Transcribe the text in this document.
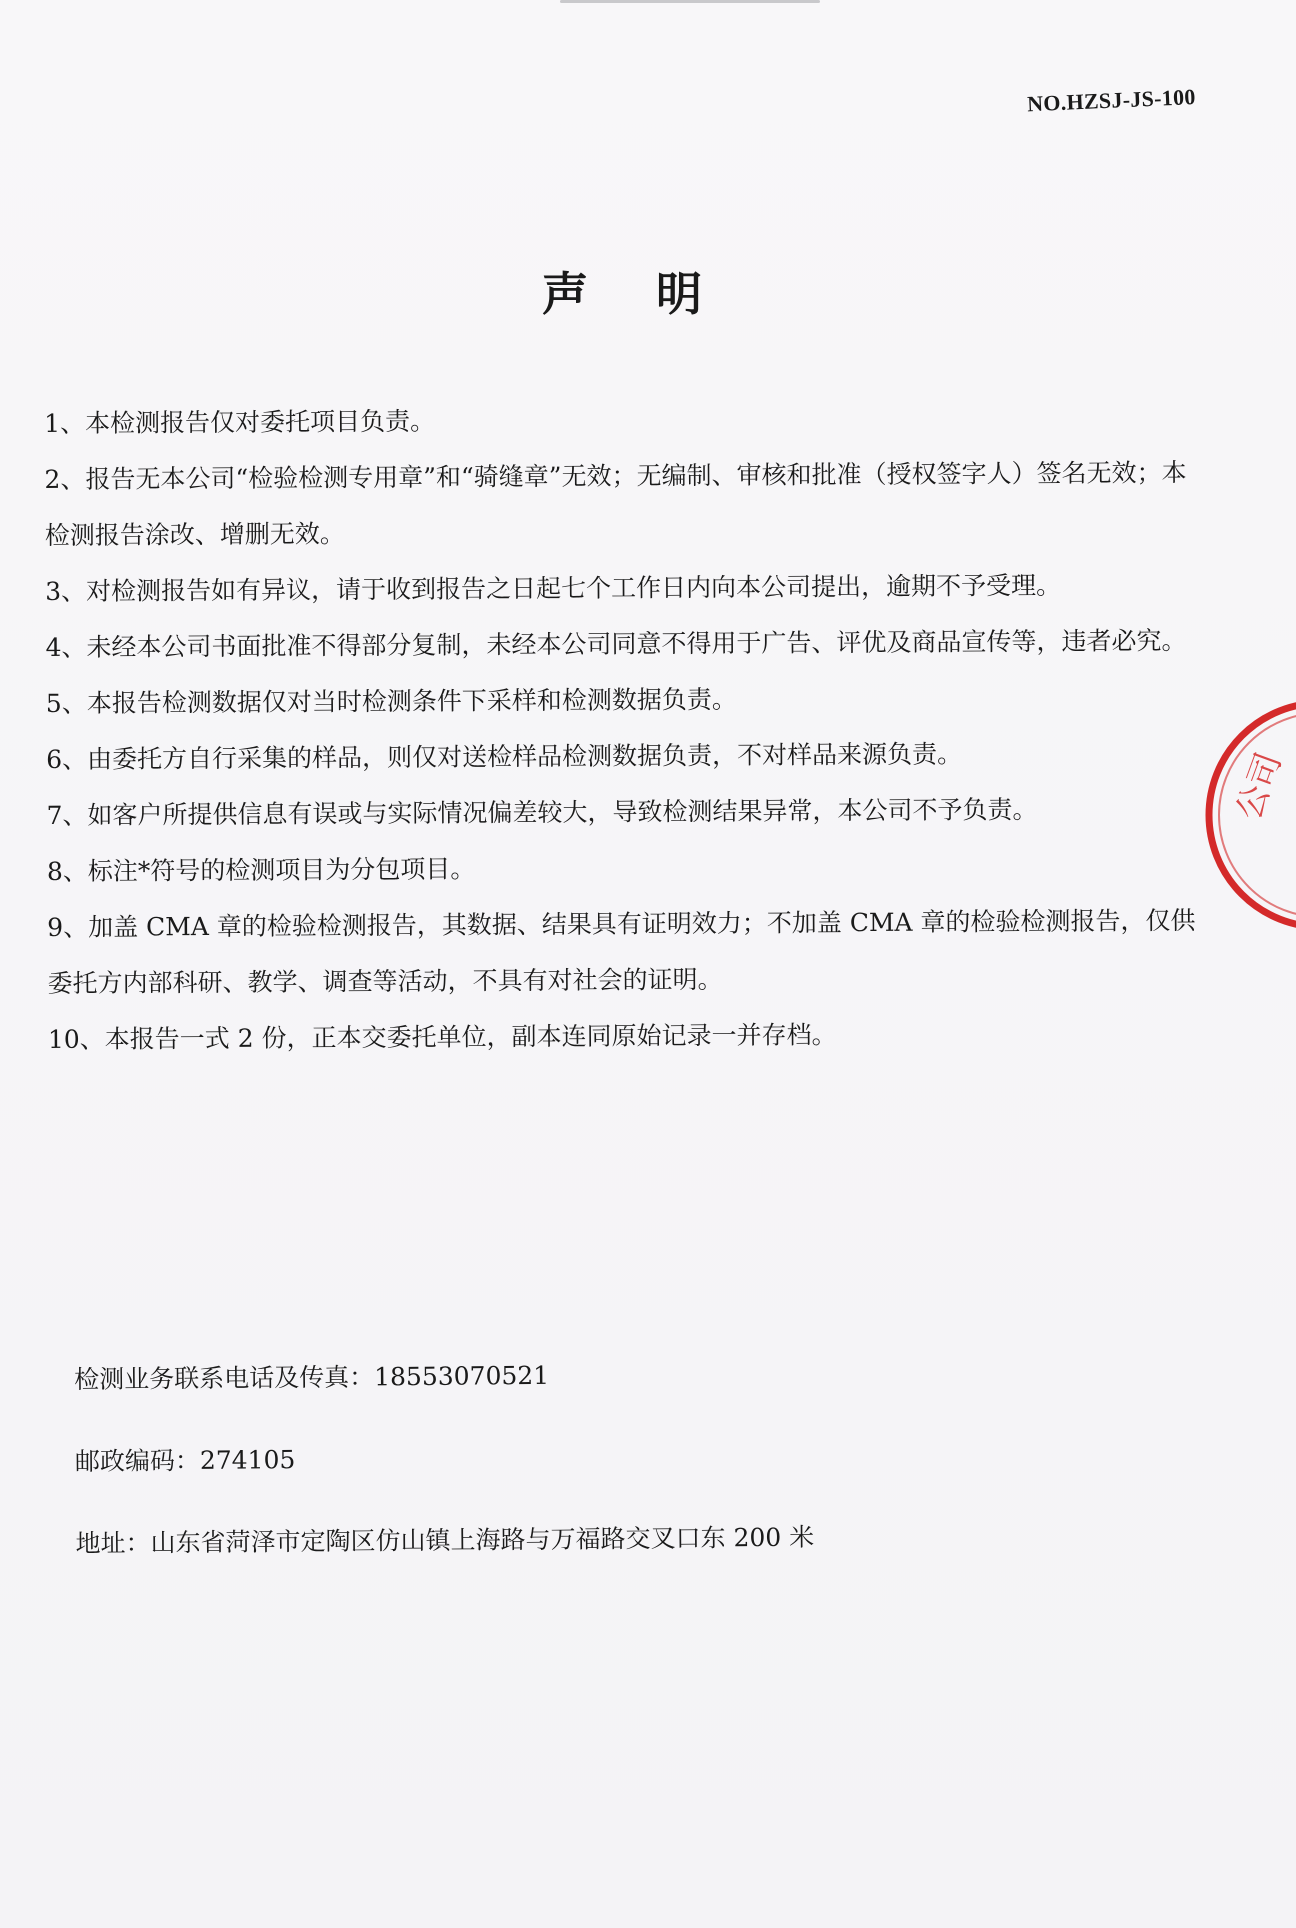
NO.HZSJ-JS-100
声明
1、本检测报告仅对委托项目负责。
2、报告无本公司“检验检测专用章”和“骑缝章”无效；无编制、审核和批准（授权签字人）签名无效；本检测报告涂改、增删无效。
3、对检测报告如有异议，请于收到报告之日起七个工作日内向本公司提出，逾期不予受理。
4、未经本公司书面批准不得部分复制，未经本公司同意不得用于广告、评优及商品宣传等，违者必究。
5、本报告检测数据仅对当时检测条件下采样和检测数据负责。
6、由委托方自行采集的样品，则仅对送检样品检测数据负责，不对样品来源负责。
7、如客户所提供信息有误或与实际情况偏差较大，导致检测结果异常，本公司不予负责。
8、标注*符号的检测项目为分包项目。
9、加盖 CMA 章的检验检测报告，其数据、结果具有证明效力；不加盖 CMA 章的检验检测报告，仅供委托方内部科研、教学、调查等活动，不具有对社会的证明。
10、本报告一式 2 份，正本交委托单位，副本连同原始记录一并存档。
检测业务联系电话及传真：18553070521
邮政编码：274105
地址：山东省菏泽市定陶区仿山镇上海路与万福路交叉口东 200 米
公司
